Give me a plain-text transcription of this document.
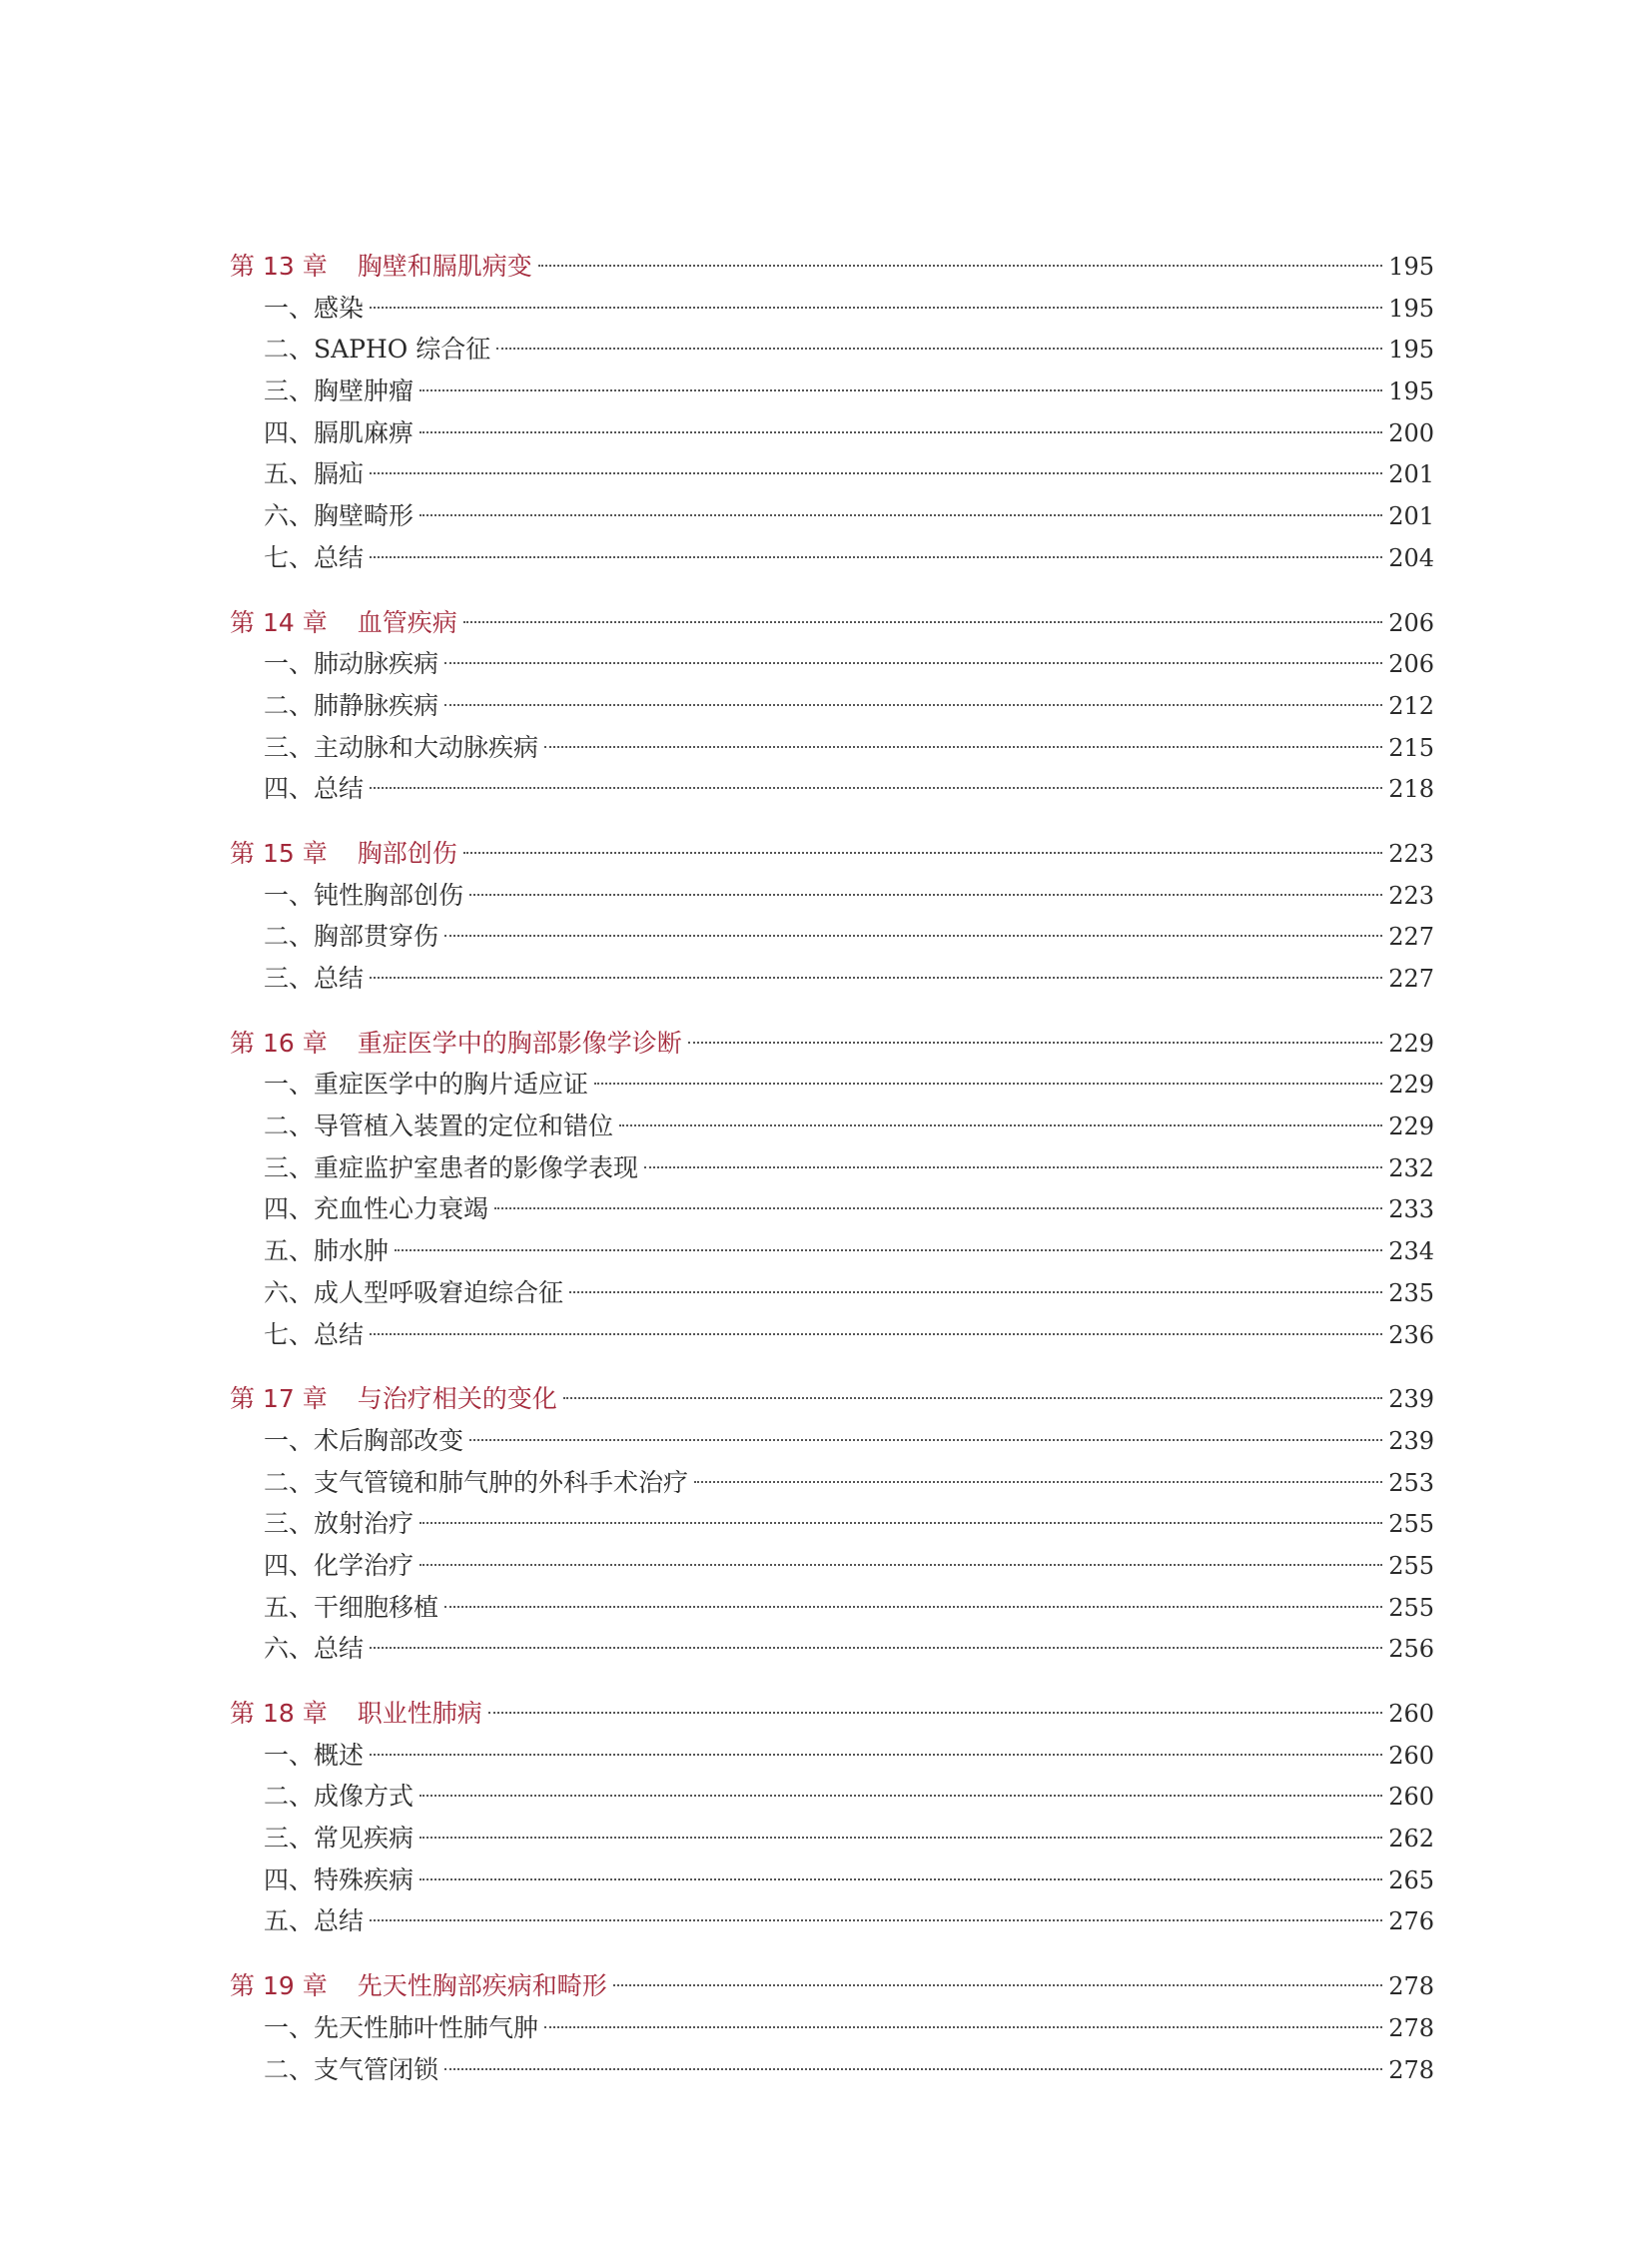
第 13 章 胸壁和膈肌病变	195
一、感染	195
二、SAPHO 综合征	195
三、胸壁肿瘤	195
四、膈肌麻痹	200
五、膈疝	201
六、胸壁畸形	201
七、总结	204
第 14 章 血管疾病	206
一、肺动脉疾病	206
二、肺静脉疾病	212
三、主动脉和大动脉疾病	215
四、总结	218
第 15 章 胸部创伤	223
一、钝性胸部创伤	223
二、胸部贯穿伤	227
三、总结	227
第 16 章 重症医学中的胸部影像学诊断	229
一、重症医学中的胸片适应证	229
二、导管植入装置的定位和错位	229
三、重症监护室患者的影像学表现	232
四、充血性心力衰竭	233
五、肺水肿	234
六、成人型呼吸窘迫综合征	235
七、总结	236
第 17 章 与治疗相关的变化	239
一、术后胸部改变	239
二、支气管镜和肺气肿的外科手术治疗	253
三、放射治疗	255
四、化学治疗	255
五、干细胞移植	255
六、总结	256
第 18 章 职业性肺病	260
一、概述	260
二、成像方式	260
三、常见疾病	262
四、特殊疾病	265
五、总结	276
第 19 章 先天性胸部疾病和畸形	278
一、先天性肺叶性肺气肿	278
二、支气管闭锁	278
